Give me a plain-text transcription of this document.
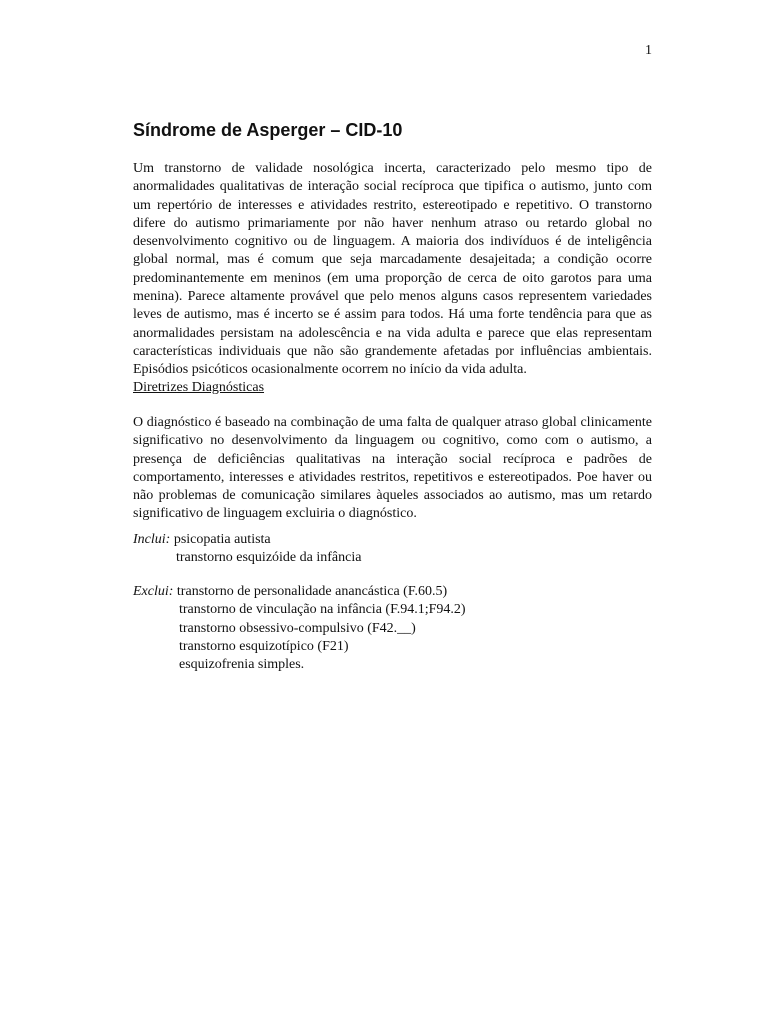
1
Síndrome de Asperger – CID-10

Um transtorno de validade nosológica incerta, caracterizado pelo mesmo tipo de anormalidades qualitativas de interação social recíproca que tipifica o autismo, junto com um repertório de interesses e atividades restrito, estereotipado e repetitivo. O transtorno difere do autismo primariamente por não haver nenhum atraso ou retardo global no desenvolvimento cognitivo ou de linguagem. A maioria dos indivíduos é de inteligência global normal, mas é comum que seja marcadamente desajeitada; a condição ocorre predominantemente em meninos (em uma proporção de cerca de oito garotos para uma menina). Parece altamente provável que pelo menos alguns casos representem variedades leves de autismo, mas é incerto se é assim para todos. Há uma forte tendência para que as anormalidades persistam na adolescência e na vida adulta e parece que elas representam características individuais que não são grandemente afetadas por influências ambientais. Episódios psicóticos ocasionalmente ocorrem no início da vida adulta.

Diretrizes Diagnósticas

O diagnóstico é baseado na combinação de uma falta de qualquer atraso global clinicamente significativo no desenvolvimento da linguagem ou cognitivo, como com o autismo, a presença de deficiências qualitativas na interação social recíproca e padrões de comportamento, interesses e atividades restritos, repetitivos e estereotipados. Poe haver ou não problemas de comunicação similares àqueles associados ao autismo, mas um retardo significativo de linguagem excluiria o diagnóstico.

Inclui: psicopatia autista
transtorno esquizóide da infância
Exclui: transtorno de personalidade anancástica (F.60.5)
transtorno de vinculação na infância (F.94.1;F94.2)
transtorno obsessivo-compulsivo (F42.__)
transtorno esquizotípico (F21)
esquizofrenia simples.
